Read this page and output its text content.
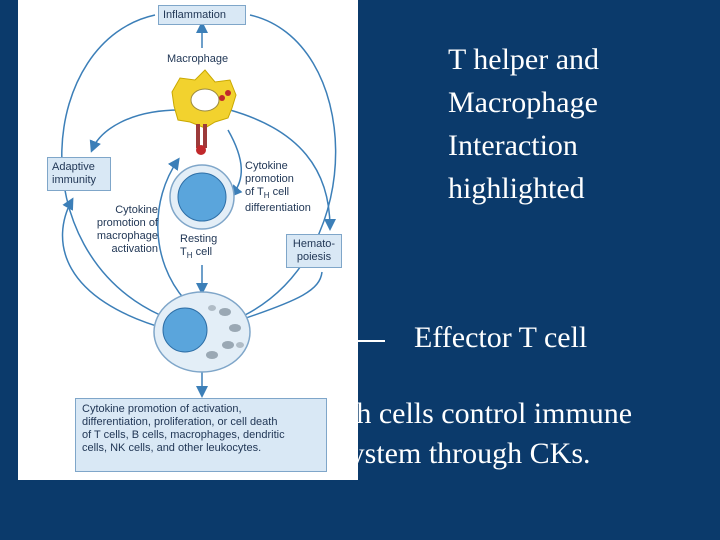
Inflammation
Macrophage
Adaptive
immunity
Cytokine
promotion
of $T_H$ cell
differentiation
Hemato-
poiesis
Cytokine
promotion of
macrophage
activation
Resting
$T_H$ cell
Cytokine promotion of activation,
differentiation, proliferation, or cell death
of T cells, B cells, macrophages, dendritic
cells, NK cells, and other leukocytes.
T helper and
Macrophage
Interaction
highlighted
Effector T cell
Th cells control immune
system through CKs.
